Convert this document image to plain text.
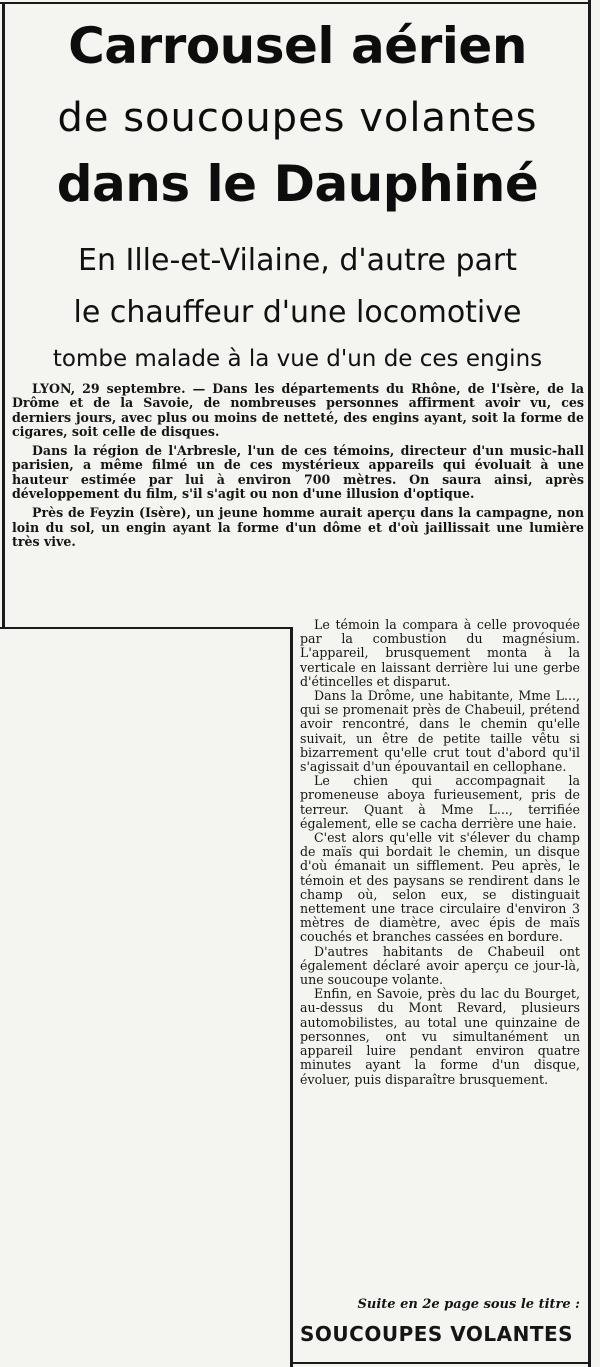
Carrousel aérien
de soucoupes volantes
dans le Dauphiné
En Ille-et-Vilaine, d'autre part
le chauffeur d'une locomotive
tombe malade à la vue d'un de ces engins

LYON, 29 septembre. — Dans les départements du Rhône, de l'Isère, de la Drôme et de la Savoie, de nombreuses personnes affirment avoir vu, ces derniers jours, avec plus ou moins de netteté, des engins ayant, soit la forme de cigares, soit celle de disques.

Dans la région de l'Arbresle, l'un de ces témoins, directeur d'un music-hall parisien, a même filmé un de ces mystérieux appareils qui évoluait à une hauteur estimée par lui à environ 700 mètres. On saura ainsi, après développement du film, s'il s'agit ou non d'une illusion d'optique.

Près de Feyzin (Isère), un jeune homme aurait aperçu dans la campagne, non loin du sol, un engin ayant la forme d'un dôme et d'où jaillissait une lumière très vive.

Le témoin la compara à celle provoquée par la combustion du magnésium. L'appareil, brusquement monta à la verticale en laissant derrière lui une gerbe d'étincelles et disparut.

Dans la Drôme, une habitante, Mme L..., qui se promenait près de Chabeuil, prétend avoir rencontré, dans le chemin qu'elle suivait, un être de petite taille vêtu si bizarrement qu'elle crut tout d'abord qu'il s'agissait d'un épouvantail en cellophane.

Le chien qui accompagnait la promeneuse aboya furieusement, pris de terreur. Quant à Mme L..., terrifiée également, elle se cacha derrière une haie.

C'est alors qu'elle vit s'élever du champ de maïs qui bordait le chemin, un disque d'où émanait un sifflement. Peu après, le témoin et des paysans se rendirent dans le champ où, selon eux, se distinguait nettement une trace circulaire d'environ 3 mètres de diamètre, avec épis de maïs couchés et branches cassées en bordure.

D'autres habitants de Chabeuil ont également déclaré avoir aperçu ce jour-là, une soucoupe volante.

Enfin, en Savoie, près du lac du Bourget, au-dessus du Mont Revard, plusieurs automobilistes, au total une quinzaine de personnes, ont vu simultanément un appareil luire pendant environ quatre minutes ayant la forme d'un disque, évoluer, puis disparaître brusquement.

Suite en 2e page sous le titre :
SOUCOUPES VOLANTES
